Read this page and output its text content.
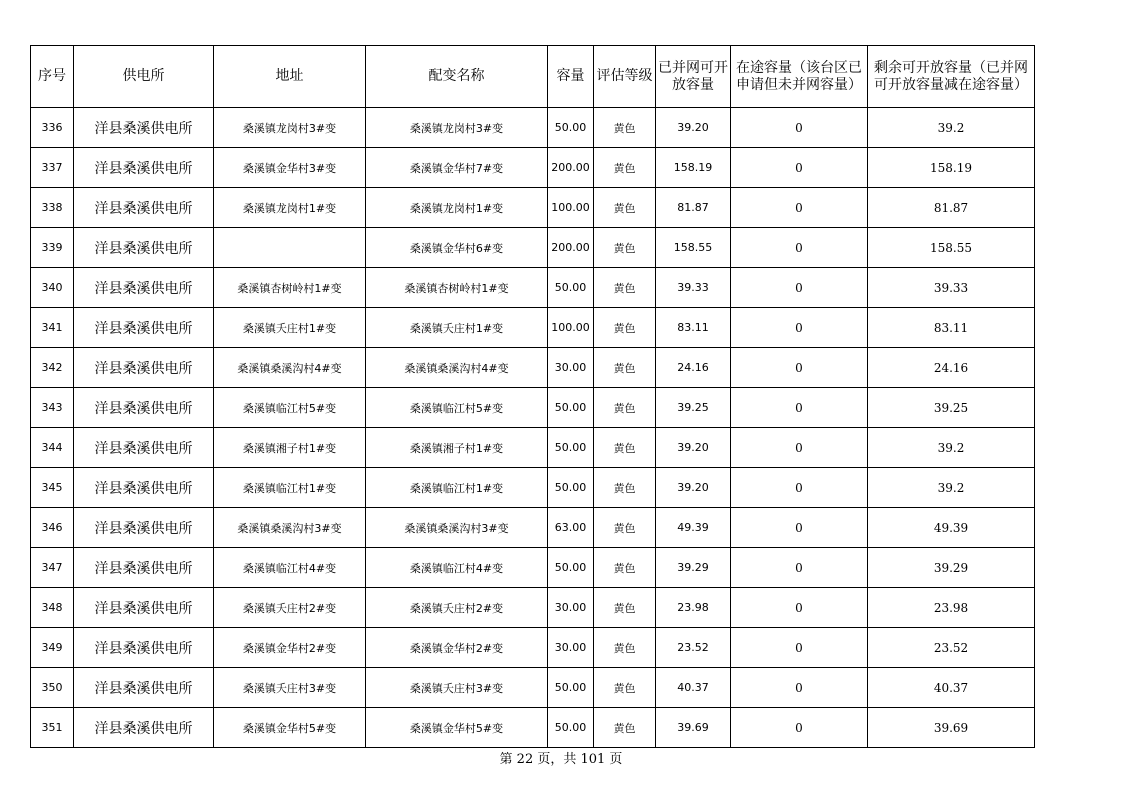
序号	供电所	地址	配变名称	容量	评估等级	已并网可开放容量	在途容量（该台区已申请但未并网容量）	剩余可开放容量（已并网可开放容量减在途容量）
336	洋县桑溪供电所	桑溪镇龙岗村3#变	桑溪镇龙岗村3#变	50.00	黄色	39.20	0	39.2
337	洋县桑溪供电所	桑溪镇金华村3#变	桑溪镇金华村7#变	200.00	黄色	158.19	0	158.19
338	洋县桑溪供电所	桑溪镇龙岗村1#变	桑溪镇龙岗村1#变	100.00	黄色	81.87	0	81.87
339	洋县桑溪供电所		桑溪镇金华村6#变	200.00	黄色	158.55	0	158.55
340	洋县桑溪供电所	桑溪镇杏树岭村1#变	桑溪镇杏树岭村1#变	50.00	黄色	39.33	0	39.33
341	洋县桑溪供电所	桑溪镇夭庄村1#变	桑溪镇夭庄村1#变	100.00	黄色	83.11	0	83.11
342	洋县桑溪供电所	桑溪镇桑溪沟村4#变	桑溪镇桑溪沟村4#变	30.00	黄色	24.16	0	24.16
343	洋县桑溪供电所	桑溪镇临江村5#变	桑溪镇临江村5#变	50.00	黄色	39.25	0	39.25
344	洋县桑溪供电所	桑溪镇湘子村1#变	桑溪镇湘子村1#变	50.00	黄色	39.20	0	39.2
345	洋县桑溪供电所	桑溪镇临江村1#变	桑溪镇临江村1#变	50.00	黄色	39.20	0	39.2
346	洋县桑溪供电所	桑溪镇桑溪沟村3#变	桑溪镇桑溪沟村3#变	63.00	黄色	49.39	0	49.39
347	洋县桑溪供电所	桑溪镇临江村4#变	桑溪镇临江村4#变	50.00	黄色	39.29	0	39.29
348	洋县桑溪供电所	桑溪镇夭庄村2#变	桑溪镇夭庄村2#变	30.00	黄色	23.98	0	23.98
349	洋县桑溪供电所	桑溪镇金华村2#变	桑溪镇金华村2#变	30.00	黄色	23.52	0	23.52
350	洋县桑溪供电所	桑溪镇夭庄村3#变	桑溪镇夭庄村3#变	50.00	黄色	40.37	0	40.37
351	洋县桑溪供电所	桑溪镇金华村5#变	桑溪镇金华村5#变	50.00	黄色	39.69	0	39.69
第 22 页，共 101 页
